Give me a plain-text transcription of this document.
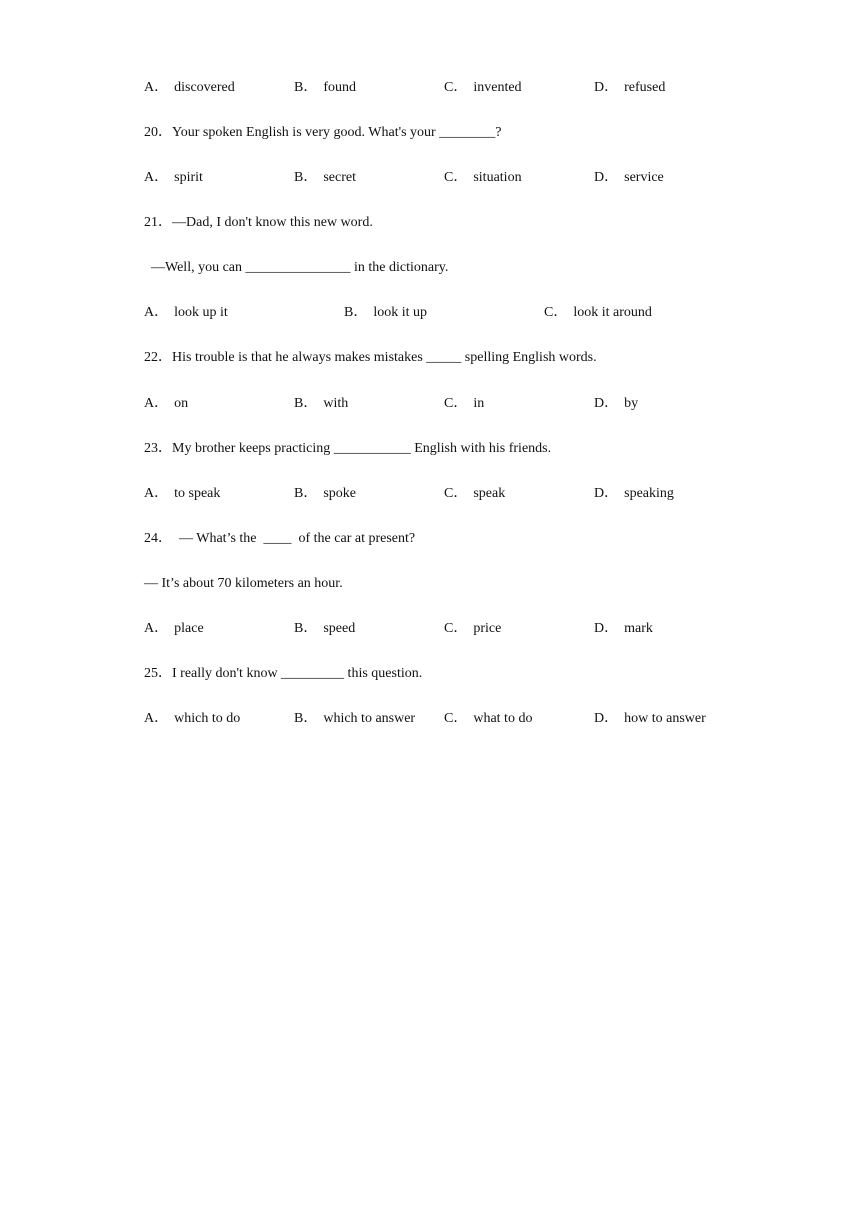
A． discovered	B． found	C． invented	D． refused
20．Your spoken English is very good. What's your ________?
A． spirit	B． secret	C． situation	D． service
21．—Dad, I don't know this new word.
—Well, you can _______________ in the dictionary.
A． look up it	B． look it up	C． look it around
22．His trouble is that he always makes mistakes _____ spelling English words.
A． on	B． with	C． in	D． by
23．My brother keeps practicing ___________ English with his friends.
A． to speak	B． spoke	C． speak	D． speaking
24．  — What’s the  ____  of the car at present?
— It’s about 70 kilometers an hour.
A． place	B． speed	C． price	D． mark
25．I really don't know _________ this question.
A． which to do	B． which to answer C． what to do	D． how to answer
